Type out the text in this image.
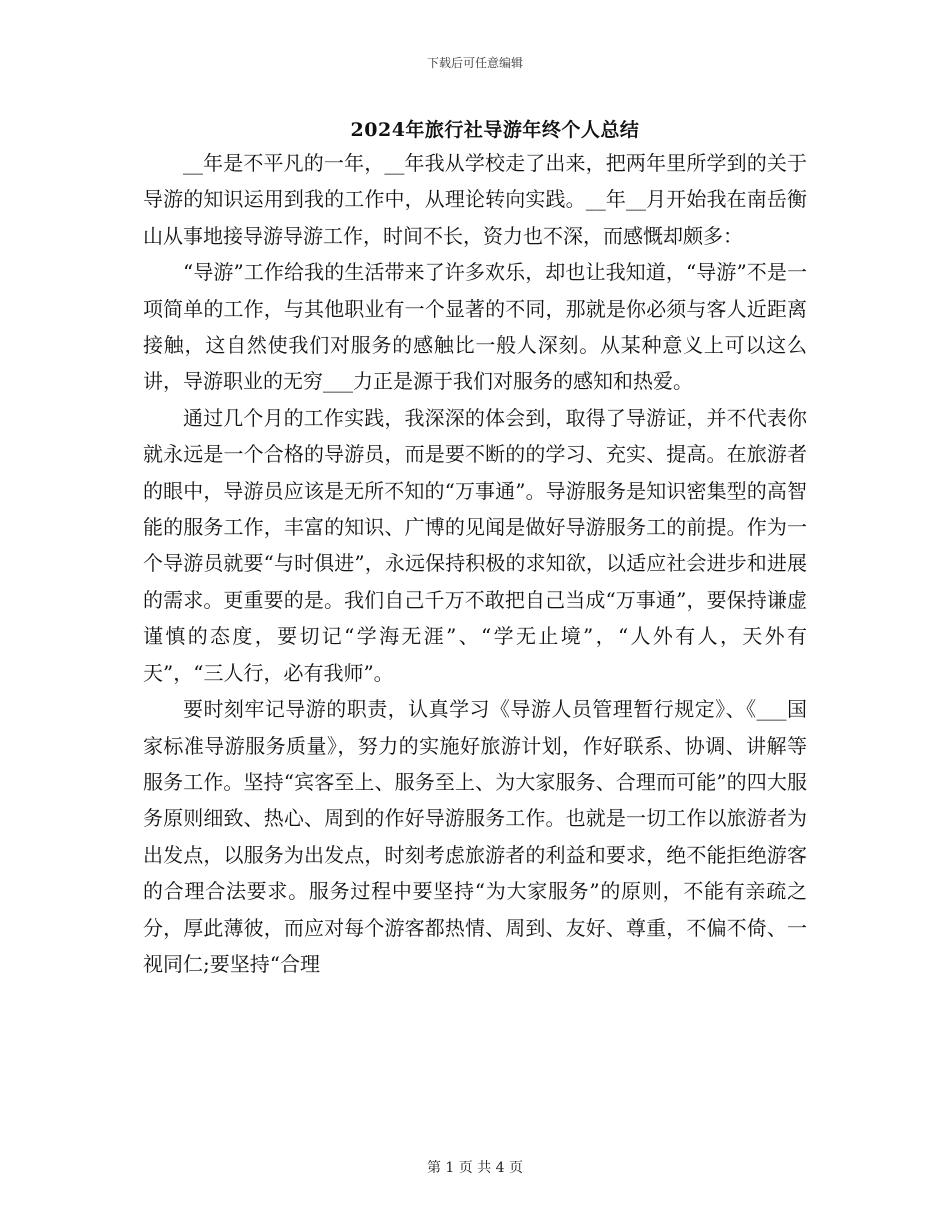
下载后可任意编辑
2024年旅行社导游年终个人总结

__年是不平凡的一年，__年我从学校走了出来，把两年里所学到的关于导游的知识运用到我的工作中，从理论转向实践。__年__月开始我在南岳衡山从事地接导游导游工作，时间不长，资力也不深，而感慨却颇多：

“导游”工作给我的生活带来了许多欢乐，却也让我知道，“导游”不是一项简单的工作，与其他职业有一个显著的不同，那就是你必须与客人近距离接触，这自然使我们对服务的感触比一般人深刻。从某种意义上可以这么讲，导游职业的无穷___力正是源于我们对服务的感知和热爱。

通过几个月的工作实践，我深深的体会到，取得了导游证，并不代表你就永远是一个合格的导游员，而是要不断的的学习、充实、提高。在旅游者的眼中，导游员应该是无所不知的“万事通”。导游服务是知识密集型的高智能的服务工作，丰富的知识、广博的见闻是做好导游服务工的前提。作为一个导游员就要“与时俱进”，永远保持积极的求知欲，以适应社会进步和进展的需求。更重要的是。我们自己千万不敢把自己当成“万事通”，要保持谦虚谨慎的态度，要切记“学海无涯”、“学无止境”，“人外有人，天外有天”，“三人行，必有我师”。

要时刻牢记导游的职责，认真学习《导游人员管理暂行规定》、《___国家标准导游服务质量》，努力的实施好旅游计划，作好联系、协调、讲解等服务工作。坚持“宾客至上、服务至上、为大家服务、合理而可能”的四大服务原则细致、热心、周到的作好导游服务工作。也就是一切工作以旅游者为出发点，以服务为出发点，时刻考虑旅游者的利益和要求，绝不能拒绝游客的合理合法要求。服务过程中要坚持“为大家服务”的原则，不能有亲疏之分，厚此薄彼，而应对每个游客都热情、周到、友好、尊重，不偏不倚、一视同仁;要坚持“合理

第 1 页 共 4 页
